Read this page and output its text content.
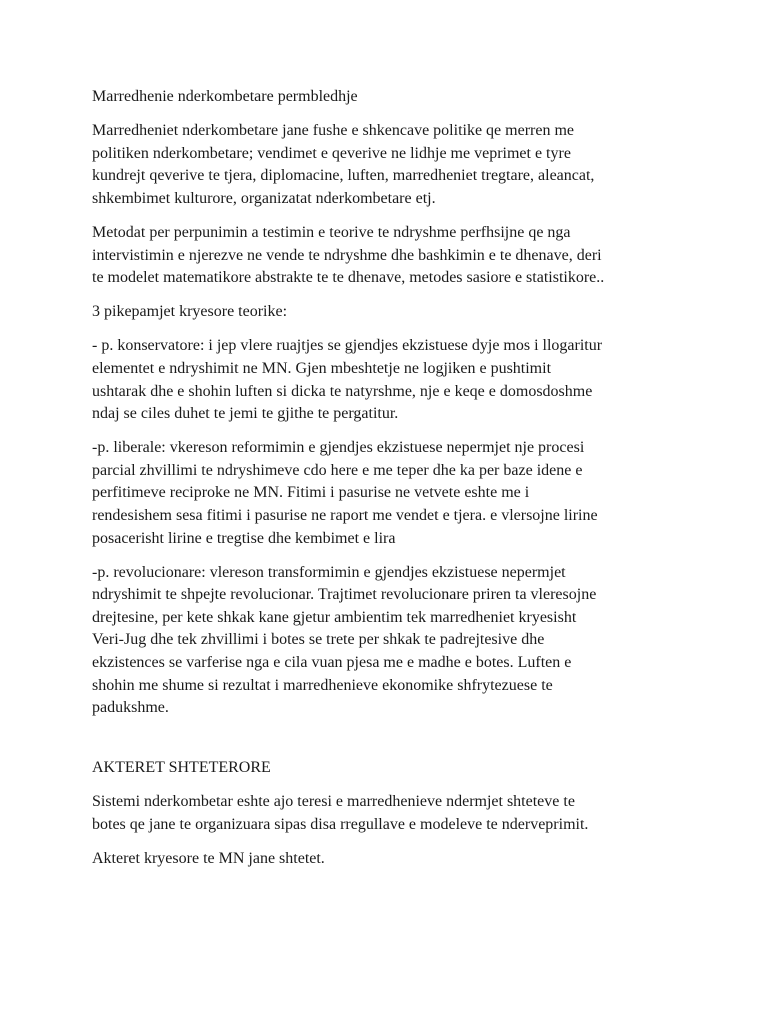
Marredhenie nderkombetare permbledhje

Marredheniet nderkombetare jane fushe e shkencave politike qe merren me
politiken nderkombetare; vendimet e qeverive ne lidhje me veprimet e tyre
kundrejt qeverive te tjera, diplomacine, luften, marredheniet tregtare, aleancat,
shkembimet kulturore, organizatat nderkombetare etj.

Metodat per perpunimin a testimin e teorive te ndryshme perfhsijne qe nga
intervistimin e njerezve ne vende te ndryshme dhe bashkimin e te dhenave, deri
te modelet matematikore abstrakte te te dhenave, metodes sasiore e statistikore..

3 pikepamjet kryesore teorike:

- p. konservatore: i jep vlere ruajtjes se gjendjes ekzistuese dyje mos i llogaritur
elementet e ndryshimit ne MN. Gjen mbeshtetje ne logjiken e pushtimit
ushtarak dhe e shohin luften si dicka te natyrshme, nje e keqe e domosdoshme
ndaj se ciles duhet te jemi te gjithe te pergatitur.

-p. liberale: vkereson reformimin e gjendjes ekzistuese nepermjet nje procesi
parcial zhvillimi te ndryshimeve cdo here e me teper dhe ka per baze idene e
perfitimeve reciproke ne MN. Fitimi i pasurise ne vetvete eshte me i
rendesishem sesa fitimi i pasurise ne raport me vendet e tjera. e vlersojne lirine
posacerisht lirine e tregtise dhe kembimet e lira

-p. revolucionare: vlereson transformimin e gjendjes ekzistuese nepermjet
ndryshimit te shpejte revolucionar. Trajtimet revolucionare priren ta vleresojne
drejtesine, per kete shkak kane gjetur ambientim tek marredheniet kryesisht
Veri-Jug dhe tek zhvillimi i botes se trete per shkak te padrejtesive dhe
ekzistences se varferise nga e cila vuan pjesa me e madhe e botes. Luften e
shohin me shume si rezultat i marredhenieve ekonomike shfrytezuese te
padukshme.

AKTERET SHTETERORE

Sistemi nderkombetar eshte ajo teresi e marredhenieve ndermjet shteteve te
botes qe jane te organizuara sipas disa rregullave e modeleve te nderveprimit.

Akteret kryesore te MN jane shtetet.
